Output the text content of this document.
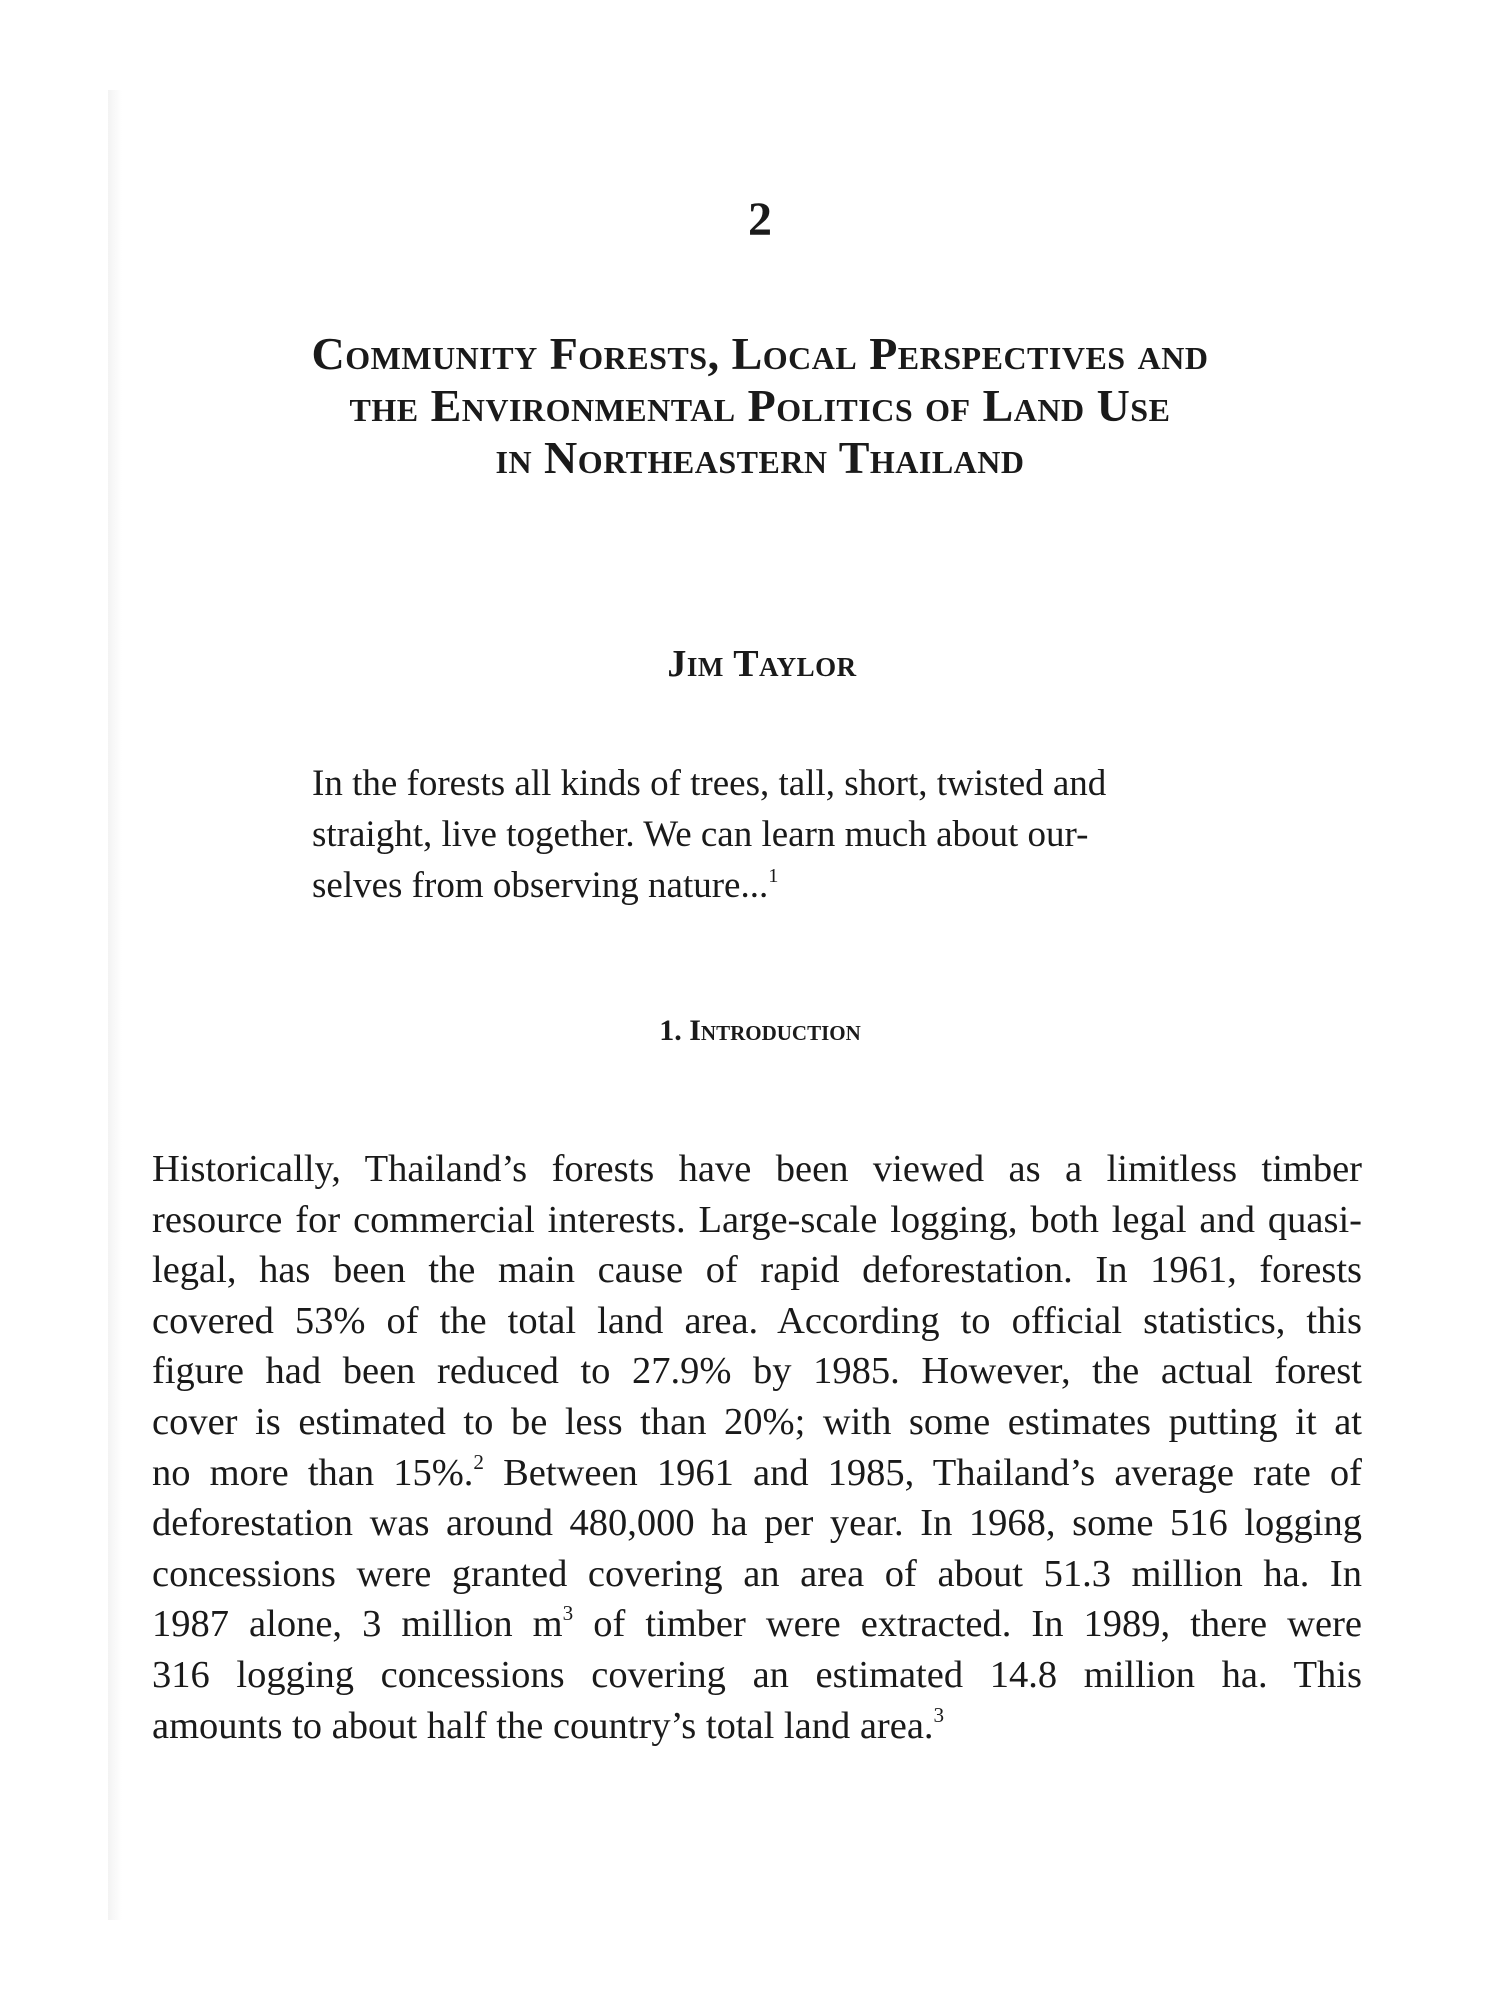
2
Community Forests, Local Perspectives and
the Environmental Politics of Land Use
in Northeastern Thailand

Jim Taylor

In the forests all kinds of trees, tall, short, twisted and
straight, live together. We can learn much about our-
selves from observing nature...$^1$
1. Introduction
Historically, Thailand’s forests have been viewed as a limitless timber
resource for commercial interests. Large-scale logging, both legal and quasi-
legal, has been the main cause of rapid deforestation. In 1961, forests
covered 53% of the total land area. According to official statistics, this
figure had been reduced to 27.9% by 1985. However, the actual forest
cover is estimated to be less than 20%; with some estimates putting it at
no more than 15%.$^2$ Between 1961 and 1985, Thailand’s average rate of
deforestation was around 480,000 ha per year. In 1968, some 516 logging
concessions were granted covering an area of about 51.3 million ha. In
1987 alone, 3 million $m^3$ of timber were extracted. In 1989, there were
316 logging concessions covering an estimated 14.8 million ha. This
amounts to about half the country’s total land area.$^3$
